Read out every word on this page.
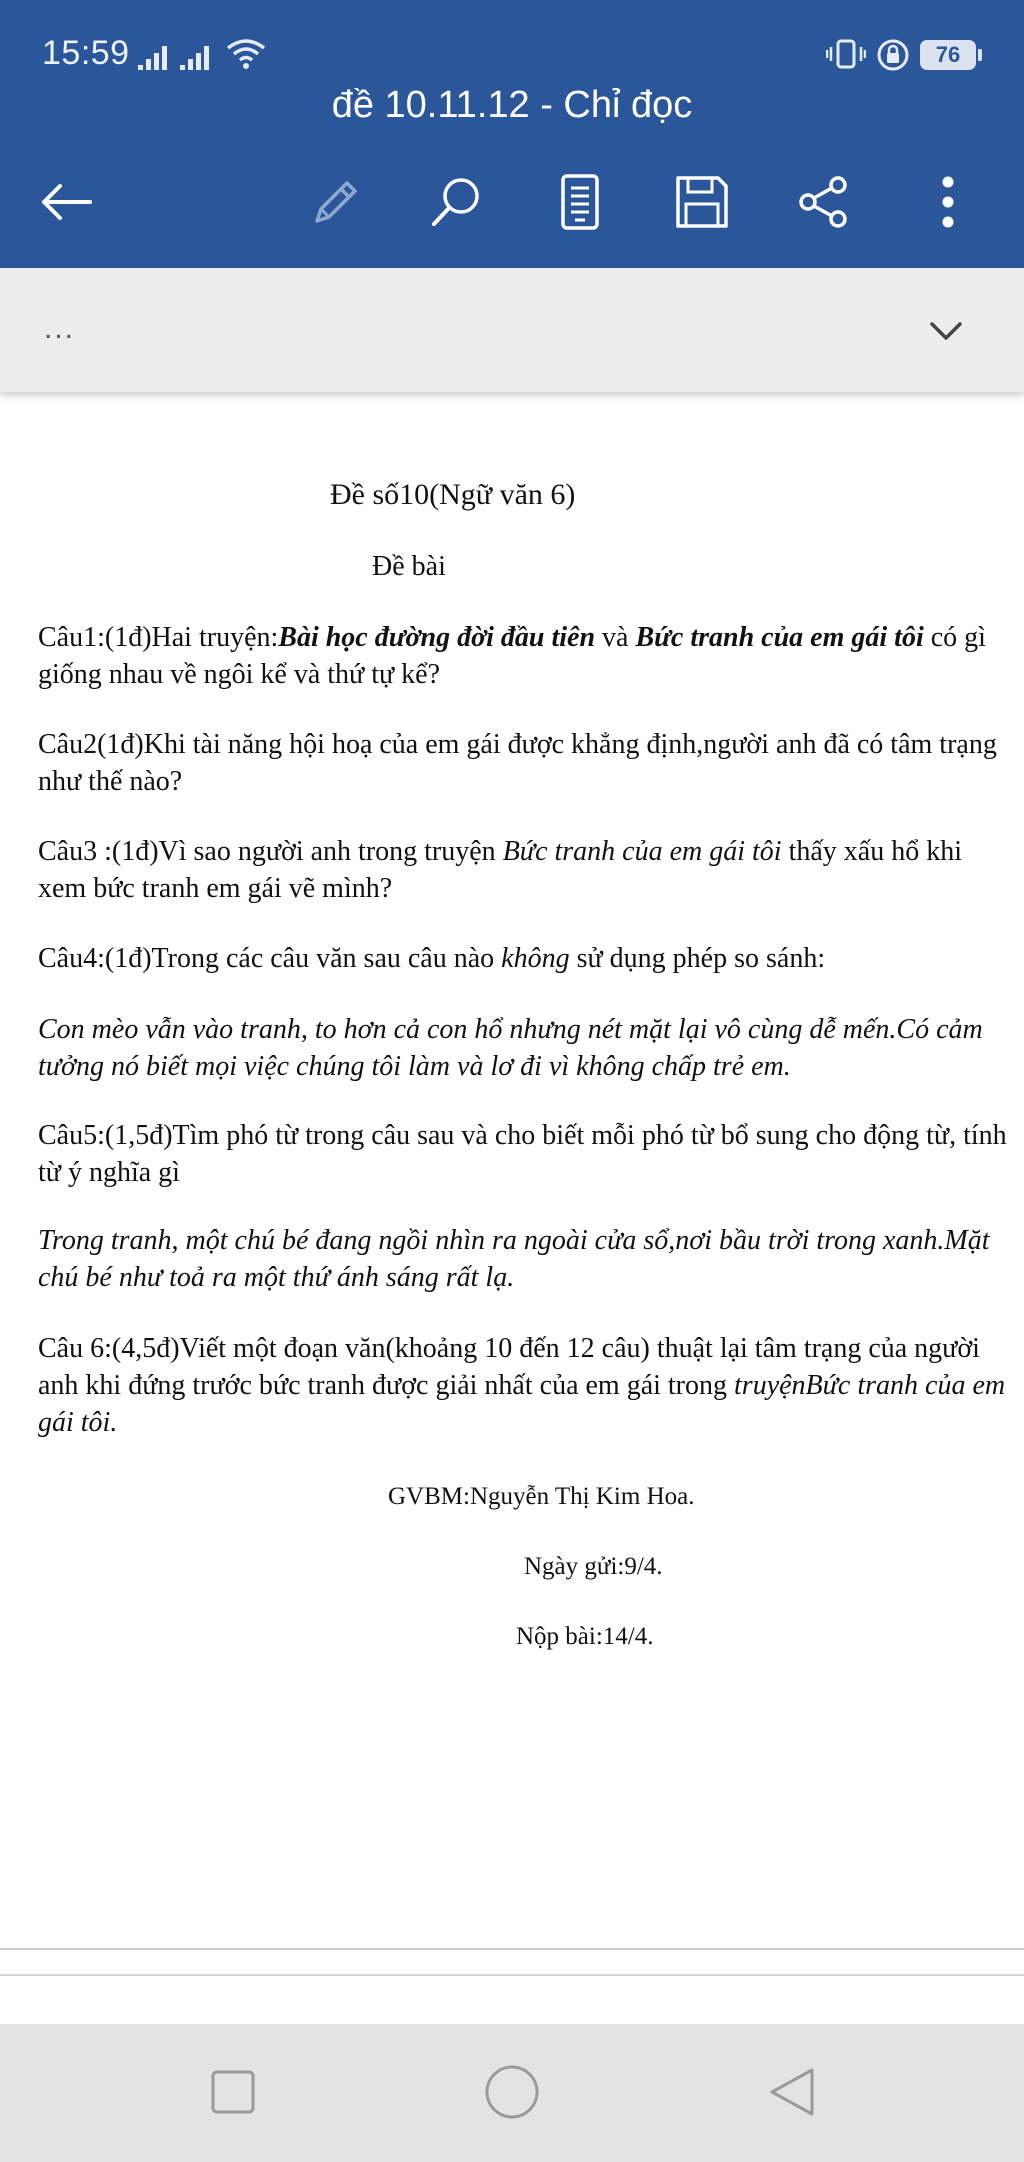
15:59	76
đề 10.11.12 - Chỉ đọc
...

Đề số10(Ngữ văn 6)

Đề bài

Câu1:(1đ)Hai truyện:Bài học đường đời đầu tiên và Bức tranh của em gái tôi có gì giống nhau về ngôi kể và thứ tự kể?

Câu2(1đ)Khi tài năng hội hoạ của em gái được khẳng định,người anh đã có tâm trạng như thế nào?

Câu3 :(1đ)Vì sao người anh trong truyện Bức tranh của em gái tôi thấy xấu hổ khi xem bức tranh em gái vẽ mình?

Câu4:(1đ)Trong các câu văn sau câu nào không sử dụng phép so sánh:

Con mèo vẫn vào tranh, to hơn cả con hổ nhưng nét mặt lại vô cùng dễ mến.Có cảm tưởng nó biết mọi việc chúng tôi làm và lơ đi vì không chấp trẻ em.

Câu5:(1,5đ)Tìm phó từ trong câu sau và cho biết mỗi phó từ bổ sung cho động từ, tính từ ý nghĩa gì

Trong tranh, một chú bé đang ngồi nhìn ra ngoài cửa sổ,nơi bầu trời trong xanh.Mặt chú bé như toả ra một thứ ánh sáng rất lạ.

Câu 6:(4,5đ)Viết một đoạn văn(khoảng 10 đến 12 câu) thuật lại tâm trạng của người anh khi đứng trước bức tranh được giải nhất của em gái trong truyệnBức tranh của em gái tôi.

GVBM:Nguyễn Thị Kim Hoa.

Ngày gửi:9/4.

Nộp bài:14/4.
